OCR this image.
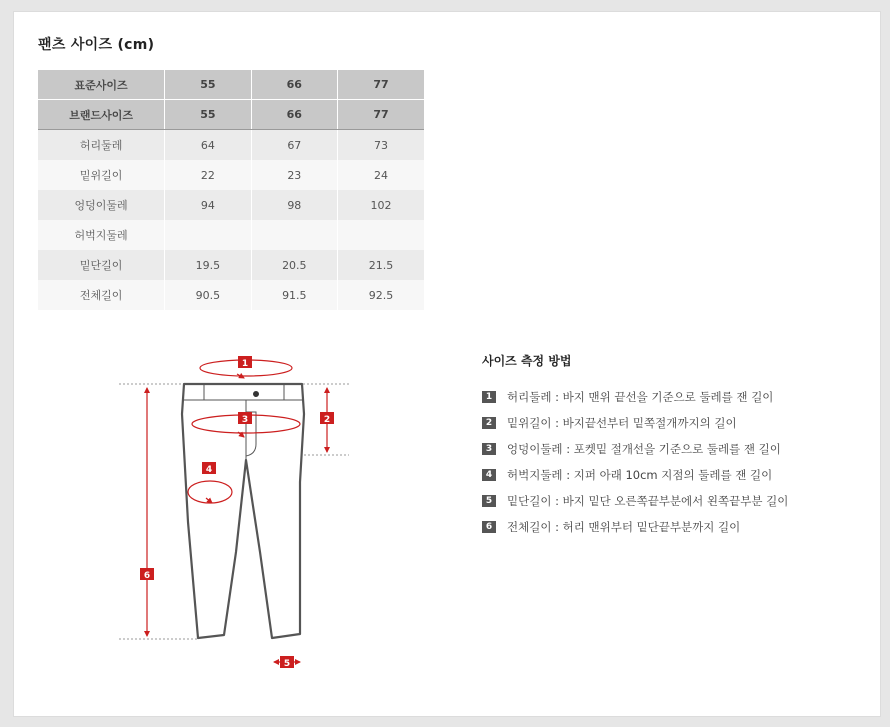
팬츠 사이즈 (cm)
표준사이즈	55	66	77
브랜드사이즈	55	66	77
허리둘레	64	67	73
밑위길이	22	23	24
엉덩이둘레	94	98	102
허벅지둘레			
밑단길이	19.5	20.5	21.5
전체길이	90.5	91.5	92.5
1
2
3
4
5
6
사이즈 측정 방법
1	허리둘레 : 바지 맨위 끝선을 기준으로 둘레를 잰 길이
2	밑위길이 : 바지끝선부터 밑쪽절개까지의 길이
3	엉덩이둘레 : 포켓밑 절개선을 기준으로 둘레를 잰 길이
4	허벅지둘레 : 지퍼 아래 10cm 지점의 둘레를 잰 길이
5	밑단길이 : 바지 밑단 오른쪽끝부분에서 왼쪽끝부분 길이
6	전체길이 : 허리 맨위부터 밑단끝부분까지 길이
